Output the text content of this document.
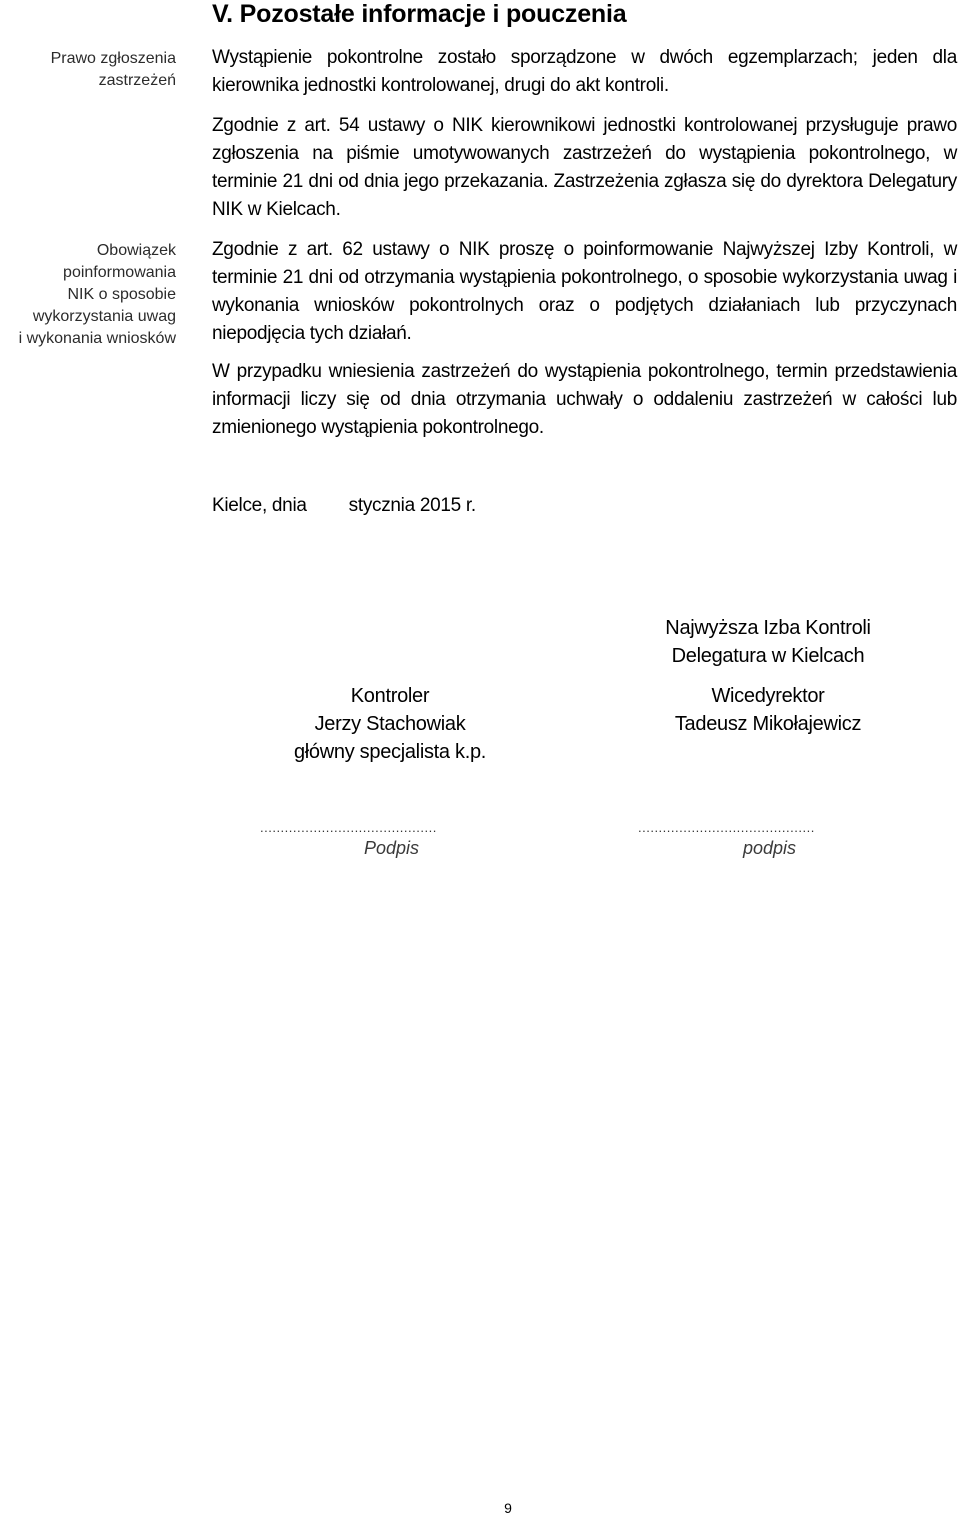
Prawo zgłoszenia
zastrzeżeń
Obowiązek
poinformowania
NIK o sposobie
wykorzystania uwag
i wykonania wniosków
V. Pozostałe informacje i pouczenia
Wystąpienie pokontrolne zostało sporządzone w dwóch egzemplarzach; jeden dla kierownika jednostki kontrolowanej, drugi do akt kontroli.
Zgodnie z art. 54 ustawy o NIK kierownikowi jednostki kontrolowanej przysługuje prawo zgłoszenia na piśmie umotywowanych zastrzeżeń do wystąpienia pokontrolnego, w terminie 21 dni od dnia jego przekazania. Zastrzeżenia zgłasza się do dyrektora Delegatury NIK w Kielcach.
Zgodnie z art. 62 ustawy o NIK proszę o poinformowanie Najwyższej Izby Kontroli, w terminie 21 dni od otrzymania wystąpienia pokontrolnego, o sposobie wykorzystania uwag i wykonania wniosków pokontrolnych oraz o podjętych działaniach lub przyczynach niepodjęcia tych działań.
W przypadku wniesienia zastrzeżeń do wystąpienia pokontrolnego, termin przedstawienia informacji liczy się od dnia otrzymania uchwały o oddaleniu zastrzeżeń w całości lub zmienionego wystąpienia pokontrolnego.
Kielce, dnia stycznia 2015 r.
Najwyższa Izba Kontroli
Delegatura w Kielcach
Kontroler
Jerzy Stachowiak
główny specjalista k.p.
Wicedyrektor
Tadeusz Mikołajewicz
...........................................	...........................................
Podpis	podpis
9
